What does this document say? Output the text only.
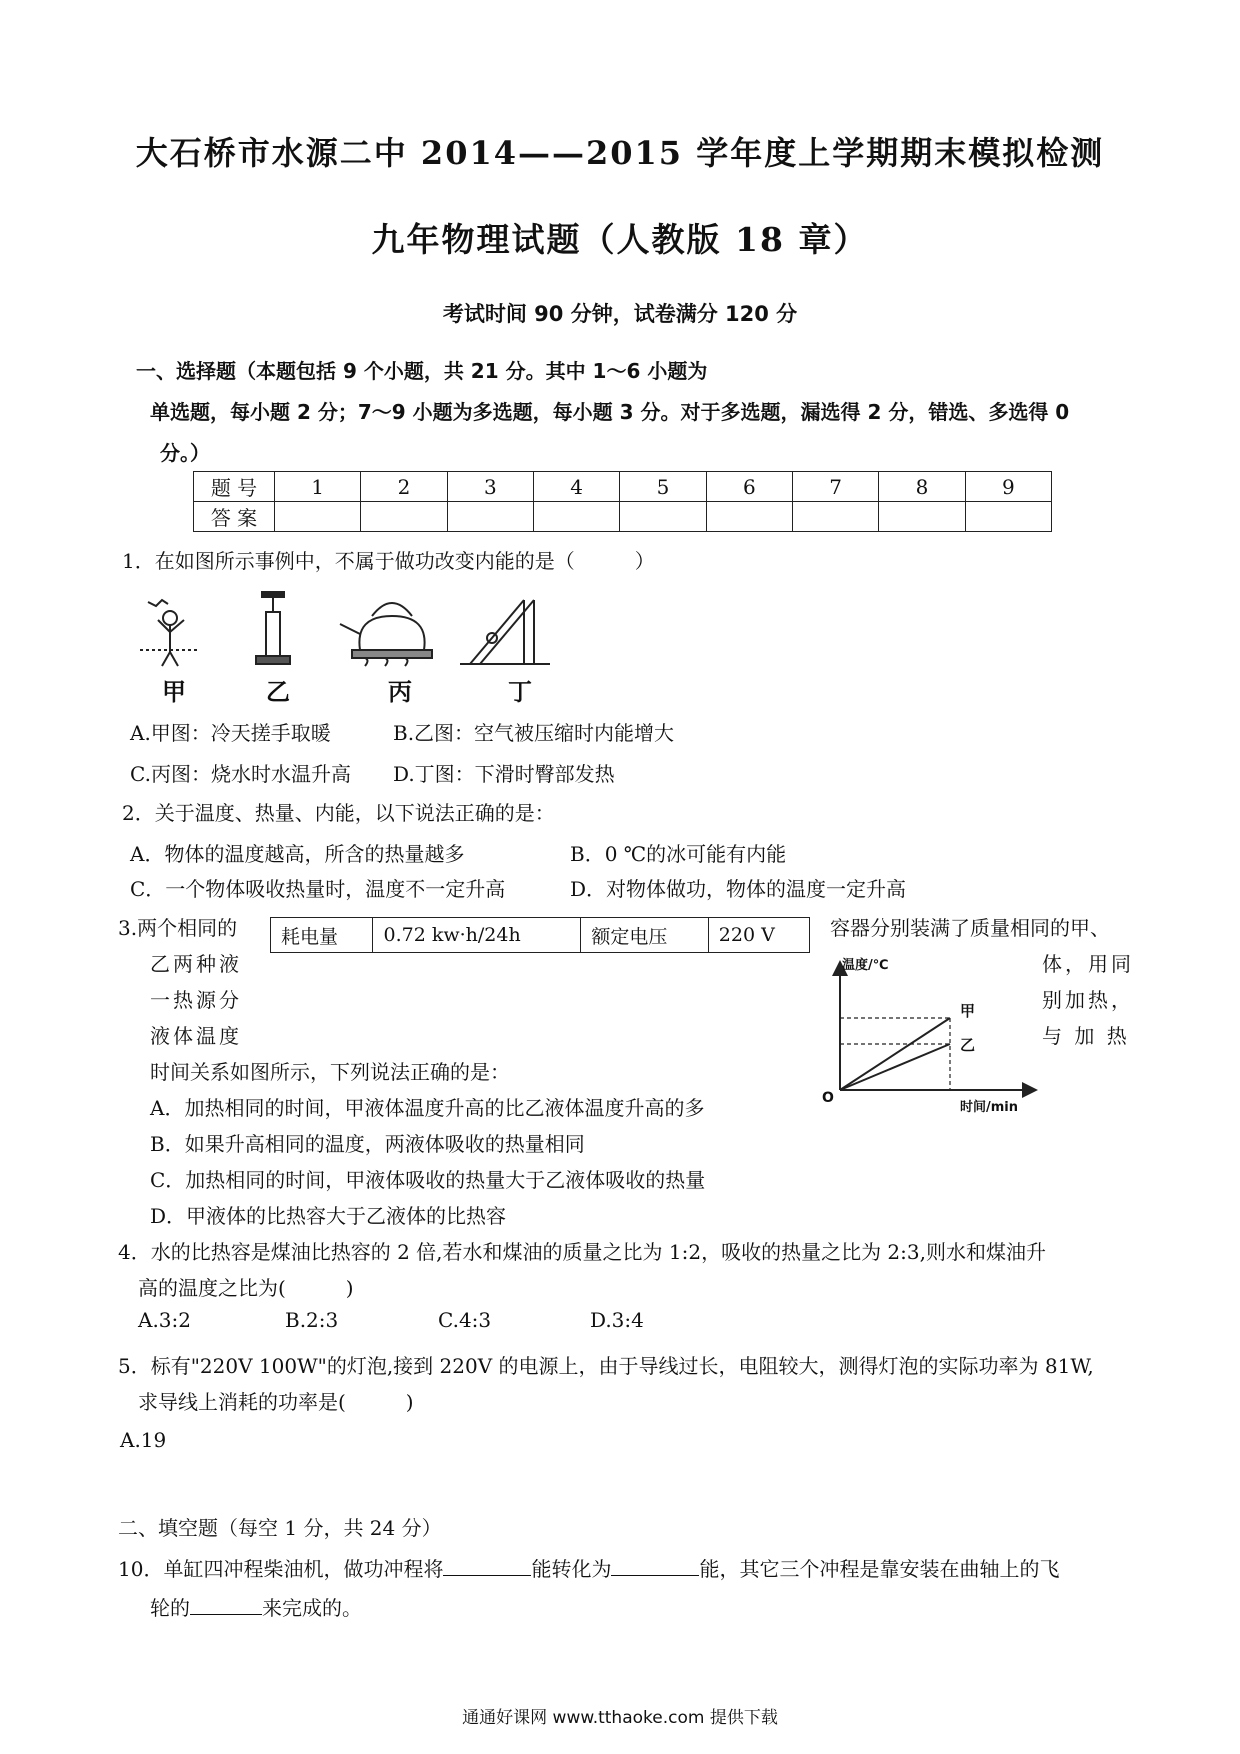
大石桥市水源二中 2014——2015 学年度上学期期末模拟检测
九年物理试题（人教版 18 章）
考试时间 90 分钟，试卷满分 120 分
一、选择题（本题包括 9 个小题，共 21 分。其中 1～6 小题为
单选题，每小题 2 分；7～9 小题为多选题，每小题 3 分。对于多选题，漏选得 2 分，错选、多选得 0
分。）
题 号	1	2	3	4	5	6	7	8	9
答 案									
1．在如图所示事例中，不属于做功改变内能的是（　　　）
甲	乙	丙	丁
A.甲图：冷天搓手取暖	B.乙图：空气被压缩时内能增大
C.丙图：烧水时水温升高 D.丁图：下滑时臀部发热
2．关于温度、热量、内能，以下说法正确的是：
A．物体的温度越高，所含的热量越多	B．0 ℃的冰可能有内能
C．一个物体吸收热量时，温度不一定升高	D．对物体做功，物体的温度一定升高
3.两个相同的 耗电量	0.72 kw·h/24h	额定电压	220 V	容器分别装满了质量相同的甲、
乙两种液	体，用同
一热源分	别加热，
液体温度	与 加 热
温度/℃
时间/min
O
甲
乙
时间关系如图所示，下列说法正确的是：
A．加热相同的时间，甲液体温度升高的比乙液体温度升高的多
B．如果升高相同的温度，两液体吸收的热量相同
C．加热相同的时间，甲液体吸收的热量大于乙液体吸收的热量
D．甲液体的比热容大于乙液体的比热容
4．水的比热容是煤油比热容的 2 倍,若水和煤油的质量之比为 1:2，吸收的热量之比为 2:3,则水和煤油升
高的温度之比为(　　　)
A.3:2	B.2:3	C.4:3	D.3:4
5．标有"220V 100W"的灯泡,接到 220V 的电源上，由于导线过长，电阻较大，测得灯泡的实际功率为 81W,
求导线上消耗的功率是(　　　)
A.19
二、填空题（每空 1 分，共 24 分）
10．单缸四冲程柴油机，做功冲程将	能转化为	能，其它三个冲程是靠安装在曲轴上的飞
轮的	来完成的。
通通好课网 www.tthaoke.com 提供下载
